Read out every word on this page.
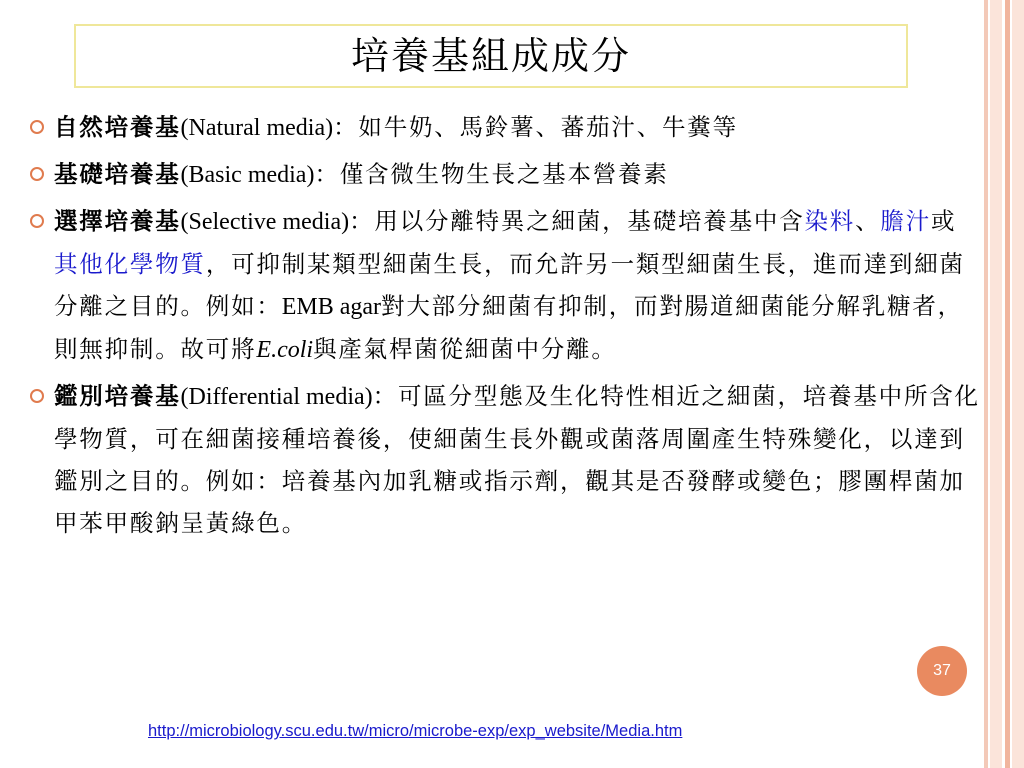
培養基組成成分
自然培養基(Natural media)：如牛奶、馬鈴薯、蕃茄汁、牛糞等
基礎培養基(Basic media)：僅含微生物生長之基本營養素
選擇培養基(Selective media)：用以分離特異之細菌，基礎培養基中含染料、膽汁或其他化學物質，可抑制某類型細菌生長，而允許另一類型細菌生長，進而達到細菌分離之目的。例如：EMB agar對大部分細菌有抑制，而對腸道細菌能分解乳糖者，則無抑制。故可將E.coli與產氣桿菌從細菌中分離。
鑑別培養基(Differential media)：可區分型態及生化特性相近之細菌，培養基中所含化學物質，可在細菌接種培養後，使細菌生長外觀或菌落周圍產生特殊變化，以達到鑑別之目的。例如：培養基內加乳糖或指示劑，觀其是否發酵或變色；膠團桿菌加甲苯甲酸鈉呈黃綠色。
37
http://microbiology.scu.edu.tw/micro/microbe-exp/exp_website/Media.htm
